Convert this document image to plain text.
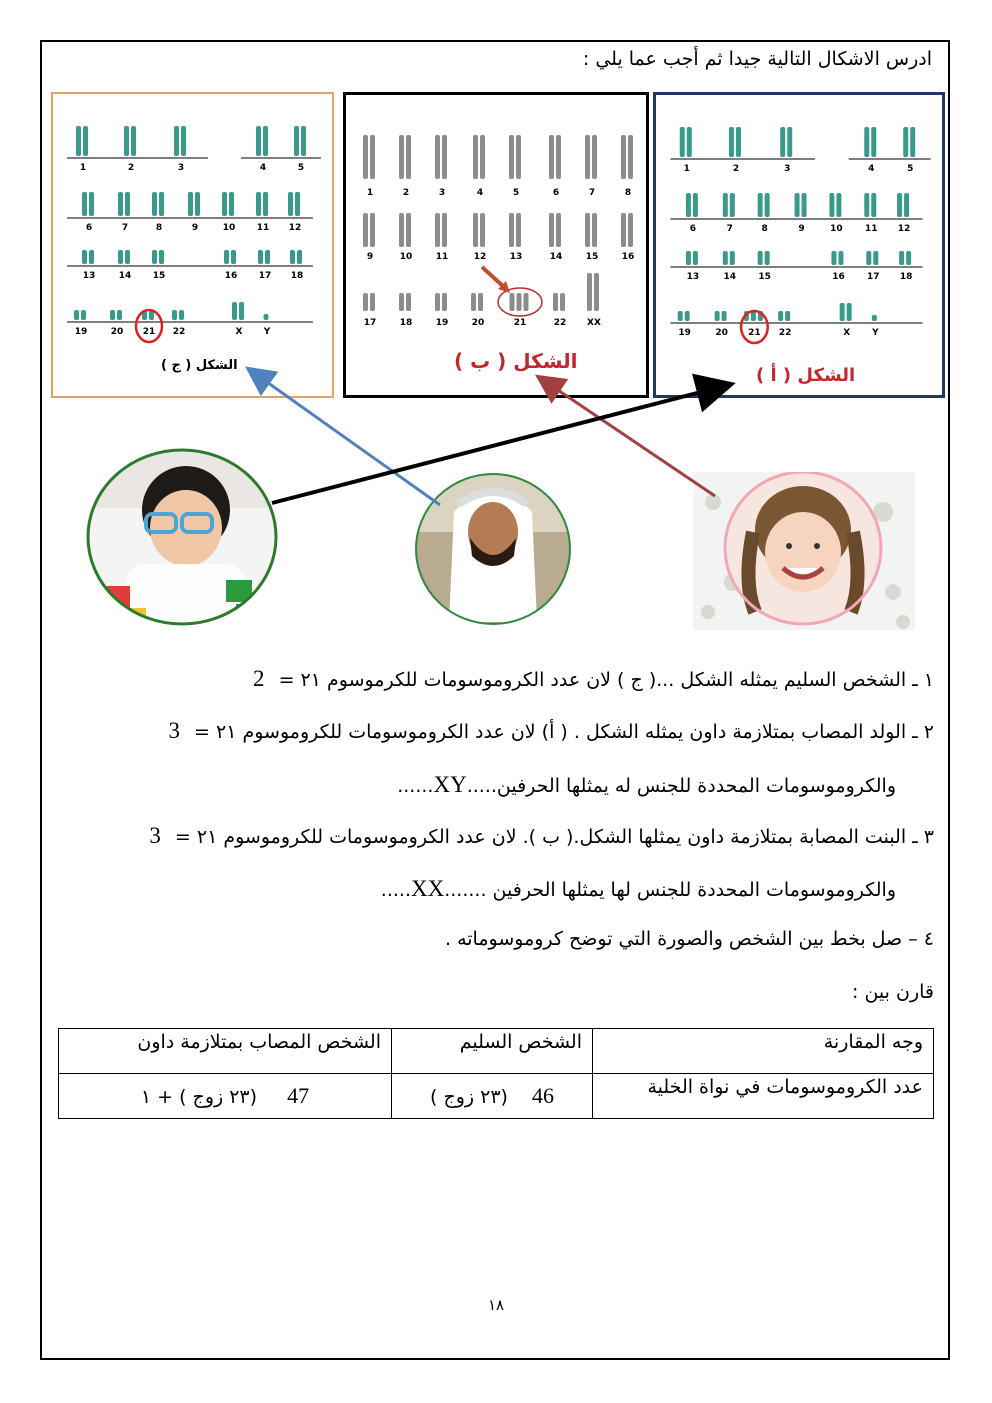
ادرس الاشكال التالية جيدا ثم أجب عما يلي :
1	2	3	4	5
6	7	8	9	10 11 12
13	14 15	16 17 18
19	20 21 22	X Y
الشكل ( ج )
1	2	3	4	5	6	7	8
9	10	11	12	13	14	15	16
17	18	19	20	21	22 XX
الشكل ( ب )
1	2	3	4	5
6	7	8	9	10 11 12
13	14 15	16 17 18
19	20 21 22	X Y
الشكل ( أ )
١ ـ الشخص السليم يمثله الشكل ...( ج ) لان عدد الكروموسومات للكرموسوم ٢١ = 2
٢ ـ الولد المصاب بمتلازمة داون يمثله الشكل . ( أ) لان عدد الكروموسومات للكروموسوم ٢١ = 3
والكروموسومات المحددة للجنس له يمثلها الحرفين.....XY......
٣ ـ البنت المصابة بمتلازمة داون يمثلها الشكل.( ب ). لان عدد الكروموسومات للكروموسوم ٢١ = 3
والكروموسومات المحددة للجنس لها يمثلها الحرفين .......XX.....
٤ – صل بخط بين الشخص والصورة التي توضح كروموسوماته .
قارن بين :
وجه المقارنة	الشخص السليم	الشخص المصاب بمتلازمة داون
عدد الكروموسومات في نواة الخلية	46 (٢٣ زوج )	47 (٢٣ زوج ) + ١
١٨
